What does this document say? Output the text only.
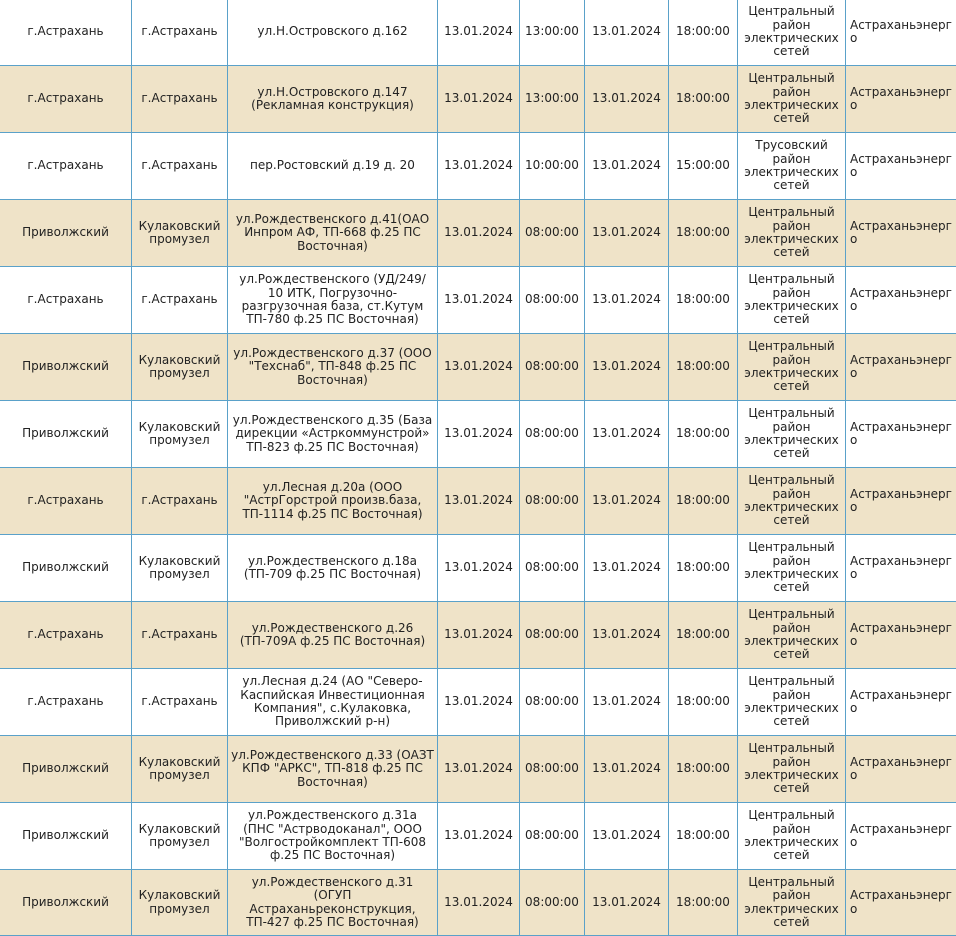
г.Астрахань	г.Астрахань	ул.Н.Островского д.162	13.01.2024	13:00:00	13.01.2024	18:00:00	Центральный район электрических сетей	Астраханьэнерго
г.Астрахань	г.Астрахань	ул.Н.Островского д.147 (Рекламная конструкция)	13.01.2024	13:00:00	13.01.2024	18:00:00	Центральный район электрических сетей	Астраханьэнерго
г.Астрахань	г.Астрахань	пер.Ростовский д.19 д. 20	13.01.2024	10:00:00	13.01.2024	15:00:00	Трусовский район электрических сетей	Астраханьэнерго
Приволжский	Кулаковский промузел	ул.Рождественского д.41(ОАО Инпром АФ, ТП-668 ф.25 ПС Восточная)	13.01.2024	08:00:00	13.01.2024	18:00:00	Центральный район электрических сетей	Астраханьэнерго
г.Астрахань	г.Астрахань	ул.Рождественского (УД/249/ 10 ИТК, Погрузочно-разгрузочная база, ст.Кутум ТП-780 ф.25 ПС Восточная)	13.01.2024	08:00:00	13.01.2024	18:00:00	Центральный район электрических сетей	Астраханьэнерго
Приволжский	Кулаковский промузел	ул.Рождественского д.37 (ООО "Техснаб", ТП-848 ф.25 ПС Восточная)	13.01.2024	08:00:00	13.01.2024	18:00:00	Центральный район электрических сетей	Астраханьэнерго
Приволжский	Кулаковский промузел	ул.Рождественского д.35 (База дирекции «Астркоммунстрой» ТП-823 ф.25 ПС Восточная)	13.01.2024	08:00:00	13.01.2024	18:00:00	Центральный район электрических сетей	Астраханьэнерго
г.Астрахань	г.Астрахань	ул.Лесная д.20а (ООО "АстрГорстрой произв.база, ТП-1114 ф.25 ПС Восточная)	13.01.2024	08:00:00	13.01.2024	18:00:00	Центральный район электрических сетей	Астраханьэнерго
Приволжский	Кулаковский промузел	ул.Рождественского д.18а (ТП-709 ф.25 ПС Восточная)	13.01.2024	08:00:00	13.01.2024	18:00:00	Центральный район электрических сетей	Астраханьэнерго
г.Астрахань	г.Астрахань	ул.Рождественского д.26 (ТП-709А ф.25 ПС Восточная)	13.01.2024	08:00:00	13.01.2024	18:00:00	Центральный район электрических сетей	Астраханьэнерго
г.Астрахань	г.Астрахань	ул.Лесная д.24 (АО "Северо-Каспийская Инвестиционная Компания", с.Кулаковка, Приволжский р-н)	13.01.2024	08:00:00	13.01.2024	18:00:00	Центральный район электрических сетей	Астраханьэнерго
Приволжский	Кулаковский промузел	ул.Рождественского д.33 (ОАЗТ КПФ "АРКС", ТП-818 ф.25 ПС Восточная)	13.01.2024	08:00:00	13.01.2024	18:00:00	Центральный район электрических сетей	Астраханьэнерго
Приволжский	Кулаковский промузел	ул.Рождественского д.31а (ПНС "Астрводоканал", ООО "Волгостройкомплект ТП-608 ф.25 ПС Восточная)	13.01.2024	08:00:00	13.01.2024	18:00:00	Центральный район электрических сетей	Астраханьэнерго
Приволжский	Кулаковский промузел	ул.Рождественского д.31 (ОГУП Астраханьреконструкция, ТП-427 ф.25 ПС Восточная)	13.01.2024	08:00:00	13.01.2024	18:00:00	Центральный район электрических сетей	Астраханьэнерго
